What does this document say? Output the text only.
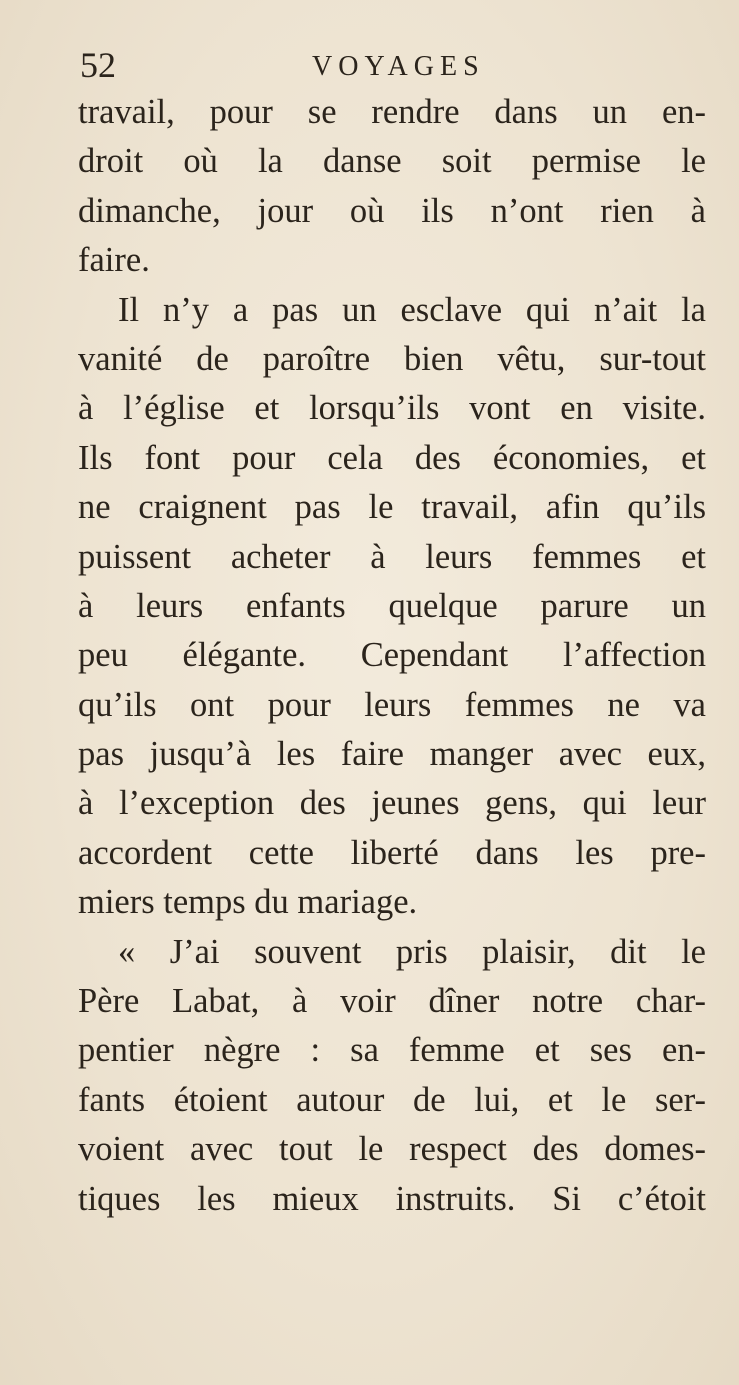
52	VOYAGES
travail, pour se rendre dans un en-
droit où la danse soit permise le
dimanche, jour où ils n’ont rien à
faire.
Il n’y a pas un esclave qui n’ait la
vanité de paroître bien vêtu, sur-tout
à l’église et lorsqu’ils vont en visite.
Ils font pour cela des économies, et
ne craignent pas le travail, afin qu’ils
puissent acheter à leurs femmes et
à leurs enfants quelque parure un
peu élégante. Cependant l’affection
qu’ils ont pour leurs femmes ne va
pas jusqu’à les faire manger avec eux,
à l’exception des jeunes gens, qui leur
accordent cette liberté dans les pre-
miers temps du mariage.
« J’ai souvent pris plaisir, dit le
Père Labat, à voir dîner notre char-
pentier nègre : sa femme et ses en-
fants étoient autour de lui, et le ser-
voient avec tout le respect des domes-
tiques les mieux instruits. Si c’étoit
